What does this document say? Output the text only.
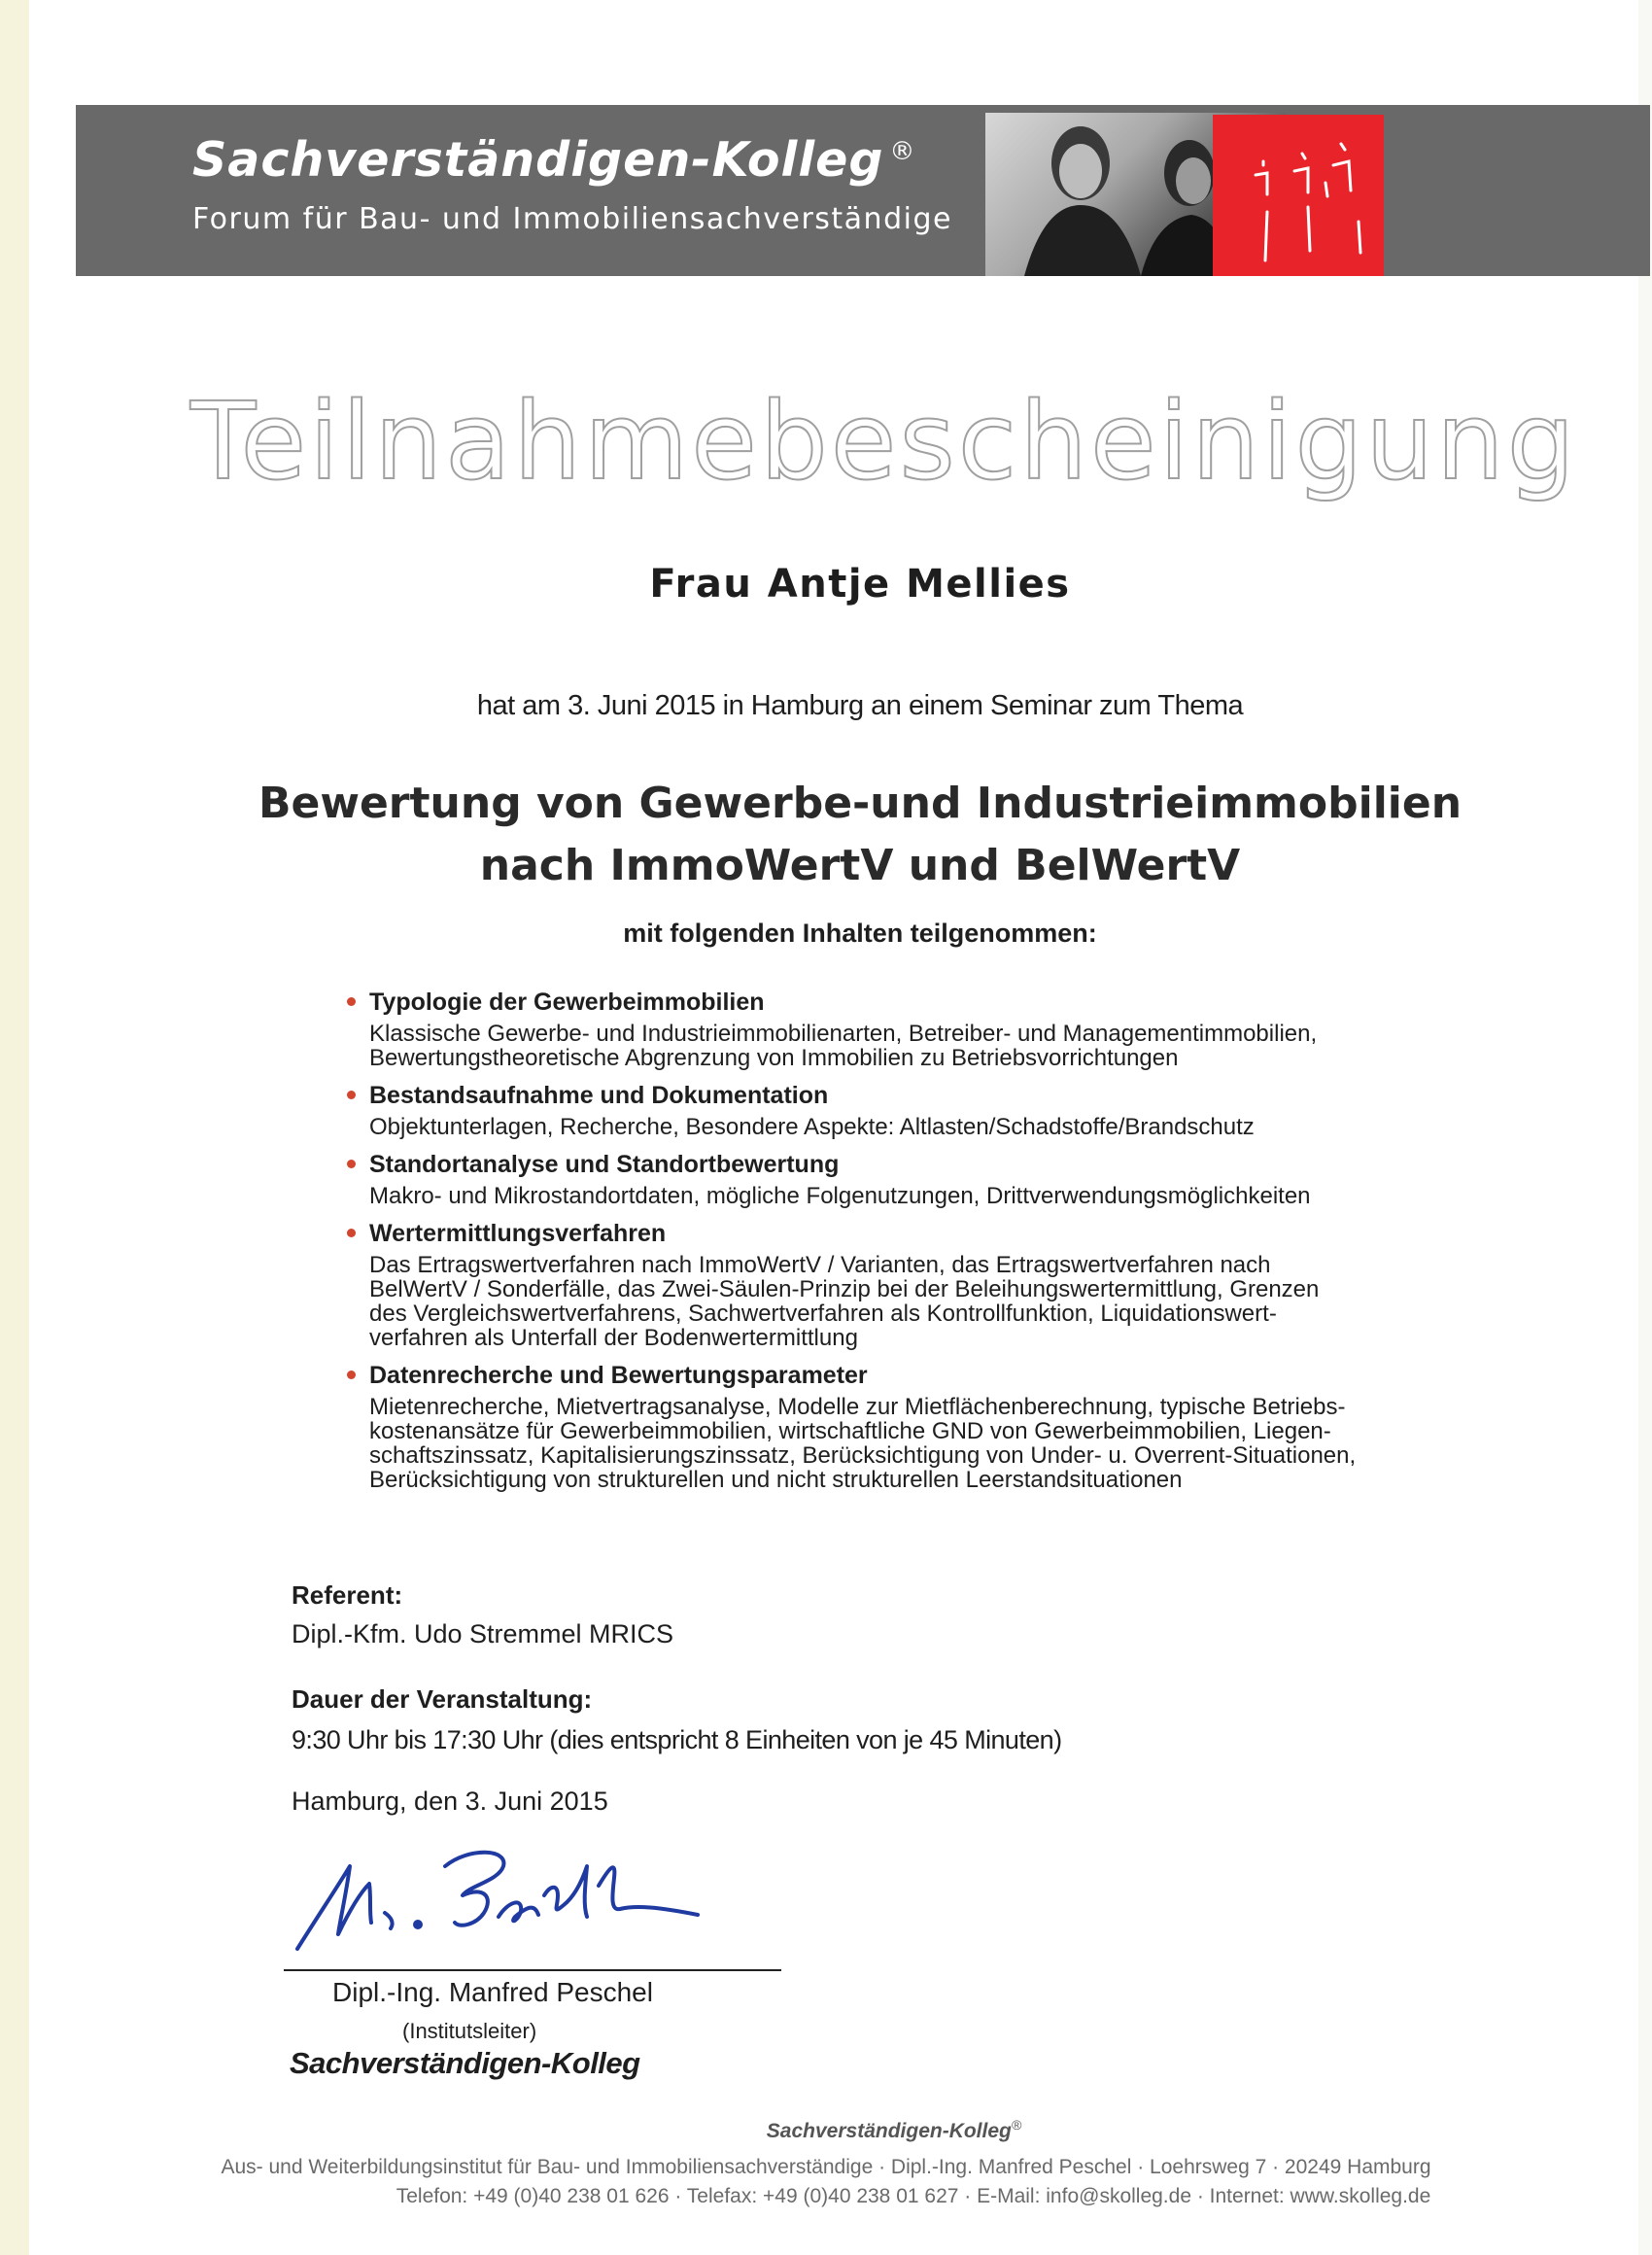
Sachverständigen-Kolleg ®
Forum für Bau- und Immobiliensachverständige
Teilnahmebescheinigung
Frau Antje Mellies
hat am 3. Juni 2015 in Hamburg an einem Seminar zum Thema
Bewertung von Gewerbe-und Industrieimmobilien
nach ImmoWertV und BelWertV
mit folgenden Inhalten teilgenommen:
Typologie der Gewerbeimmobilien
Klassische Gewerbe- und Industrieimmobilienarten, Betreiber- und Managementimmobilien,
Bewertungstheoretische Abgrenzung von Immobilien zu Betriebsvorrichtungen
Bestandsaufnahme und Dokumentation
Objektunterlagen, Recherche, Besondere Aspekte: Altlasten/Schadstoffe/Brandschutz
Standortanalyse und Standortbewertung
Makro- und Mikrostandortdaten, mögliche Folgenutzungen, Drittverwendungsmöglichkeiten
Wertermittlungsverfahren
Das Ertragswertverfahren nach ImmoWertV / Varianten, das Ertragswertverfahren nach
BelWertV / Sonderfälle, das Zwei-Säulen-Prinzip bei der Beleihungswertermittlung, Grenzen
des Vergleichswertverfahrens, Sachwertverfahren als Kontrollfunktion, Liquidationswert-
verfahren als Unterfall der Bodenwertermittlung
Datenrecherche und Bewertungsparameter
Mietenrecherche, Mietvertragsanalyse, Modelle zur Mietflächenberechnung, typische Betriebs-
kostenansätze für Gewerbeimmobilien, wirtschaftliche GND von Gewerbeimmobilien, Liegen-
schaftszinssatz, Kapitalisierungszinssatz, Berücksichtigung von Under- u. Overrent-Situationen,
Berücksichtigung von strukturellen und nicht strukturellen Leerstandsituationen
Referent:
Dipl.-Kfm. Udo Stremmel MRICS
Dauer der Veranstaltung:
9:30 Uhr bis 17:30 Uhr (dies entspricht 8 Einheiten von je 45 Minuten)
Hamburg, den 3. Juni 2015
Dipl.-Ing. Manfred Peschel
(Institutsleiter)
Sachverständigen-Kolleg
Sachverständigen-Kolleg®
Aus- und Weiterbildungsinstitut für Bau- und Immobiliensachverständige · Dipl.-Ing. Manfred Peschel · Loehrsweg 7 · 20249 Hamburg
Telefon: +49 (0)40 238 01 626 · Telefax: +49 (0)40 238 01 627 · E-Mail: info@skolleg.de · Internet: www.skolleg.de
